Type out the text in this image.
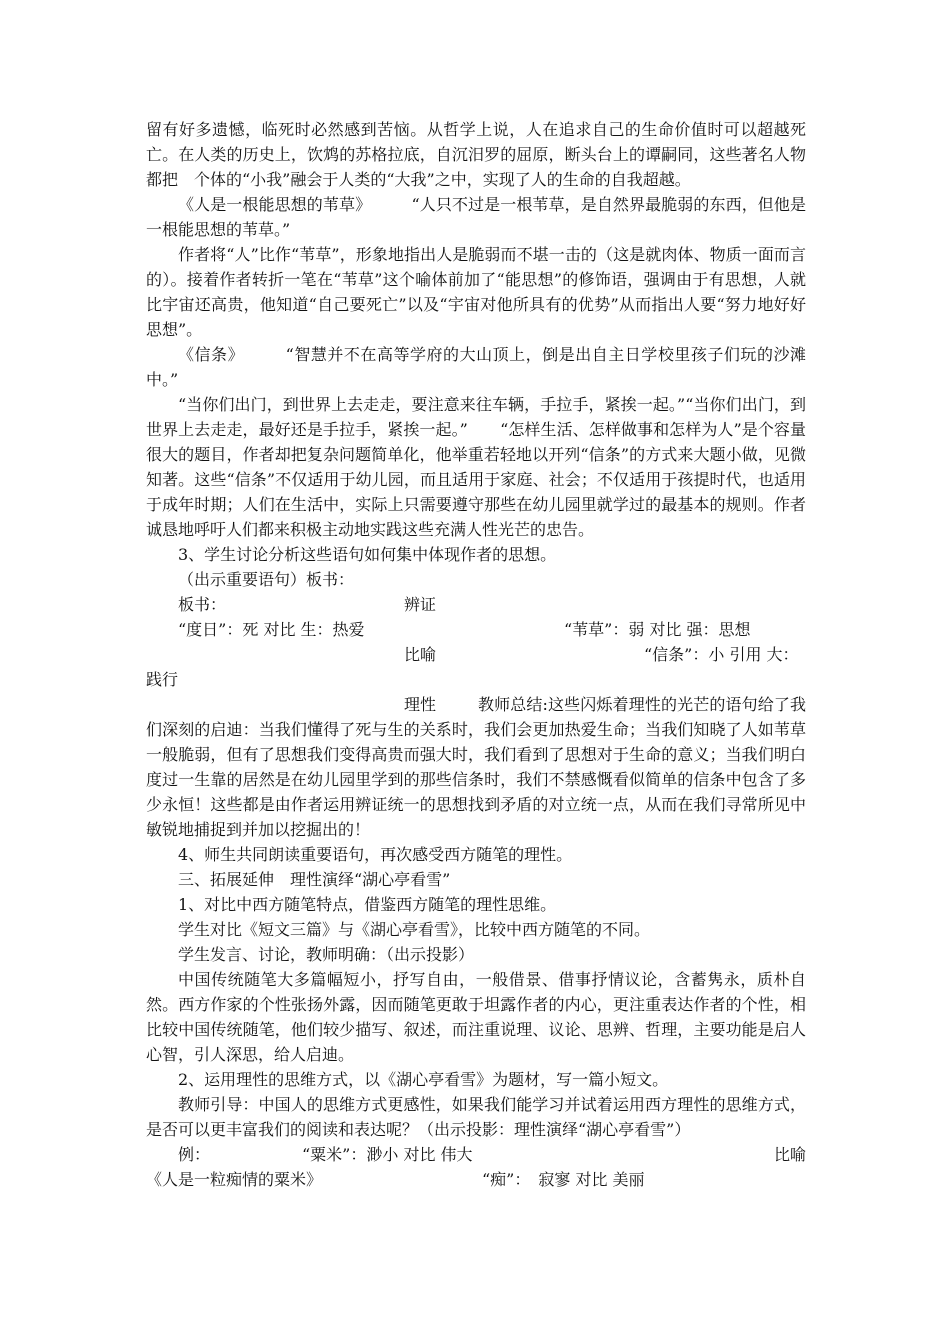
留有好多遗憾，临死时必然感到苦恼。从哲学上说，人在追求自己的生命价值时可以超越死亡。在人类的历史上，饮鸩的苏格拉底，自沉汨罗的屈原，断头台上的谭嗣同，这些著名人物都把　个体的“小我”融会于人类的“大我”之中，实现了人的生命的自我超越。

《人是一根能思想的苇草》　　　“人只不过是一根苇草，是自然界最脆弱的东西，但他是一根能思想的苇草。”

作者将“人”比作“苇草”，形象地指出人是脆弱而不堪一击的（这是就肉体、物质一面而言的）。接着作者转折一笔在“苇草”这个喻体前加了“能思想”的修饰语，强调由于有思想，人就比宇宙还高贵，他知道“自己要死亡”以及“宇宙对他所具有的优势”从而指出人要“努力地好好思想”。

《信条》　　　“智慧并不在高等学府的大山顶上，倒是出自主日学校里孩子们玩的沙滩中。”

“当你们出门，到世界上去走走，要注意来往车辆，手拉手，紧挨一起。”“当你们出门，到世界上去走走，最好还是手拉手，紧挨一起。”　　“怎样生活、怎样做事和怎样为人”是个容量很大的题目，作者却把复杂问题简单化，他举重若轻地以开列“信条”的方式来大题小做，见微知著。这些“信条”不仅适用于幼儿园，而且适用于家庭、社会；不仅适用于孩提时代，也适用于成年时期；人们在生活中，实际上只需要遵守那些在幼儿园里就学过的最基本的规则。作者诚恳地呼吁人们都来积极主动地实践这些充满人性光芒的忠告。

3、学生讨论分析这些语句如何集中体现作者的思想。

（出示重要语句）板书：

板书：

	辨证

“度日”：死 对比 生：热爱

	“苇草”：弱 对比 强：思想

比喻

	“信条”：小 引用 大：

践行

理性

	教师总结:这些闪烁着理性的光芒的语句给了我们深刻的启迪：当我们懂得了死与生的关系时，我们会更加热爱生命；当我们知晓了人如苇草一般脆弱，但有了思想我们变得高贵而强大时，我们看到了思想对于生命的意义；当我们明白度过一生靠的居然是在幼儿园里学到的那些信条时，我们不禁感慨看似简单的信条中包含了多少永恒！这些都是由作者运用辨证统一的思想找到矛盾的对立统一点，从而在我们寻常所见中敏锐地捕捉到并加以挖掘出的！

4、师生共同朗读重要语句，再次感受西方随笔的理性。

三、拓展延伸　理性演绎“湖心亭看雪”

1、对比中西方随笔特点，借鉴西方随笔的理性思维。

学生对比《短文三篇》与《湖心亭看雪》，比较中西方随笔的不同。

学生发言、讨论，教师明确：（出示投影）

中国传统随笔大多篇幅短小，抒写自由，一般借景、借事抒情议论，含蓄隽永，质朴自然。西方作家的个性张扬外露，因而随笔更敢于坦露作者的内心，更注重表达作者的个性，相比较中国传统随笔，他们较少描写、叙述，而注重说理、议论、思辨、哲理，主要功能是启人心智，引人深思，给人启迪。

2、运用理性的思维方式，以《湖心亭看雪》为题材，写一篇小短文。

教师引导：中国人的思维方式更感性，如果我们能学习并试着运用西方理性的思维方式，是否可以更丰富我们的阅读和表达呢？（出示投影：理性演绎“湖心亭看雪”）

例：

	“粟米”：渺小 对比 伟大

	比喻

《人是一粒痴情的粟米》

	“痴”：　寂寥 对比 美丽
